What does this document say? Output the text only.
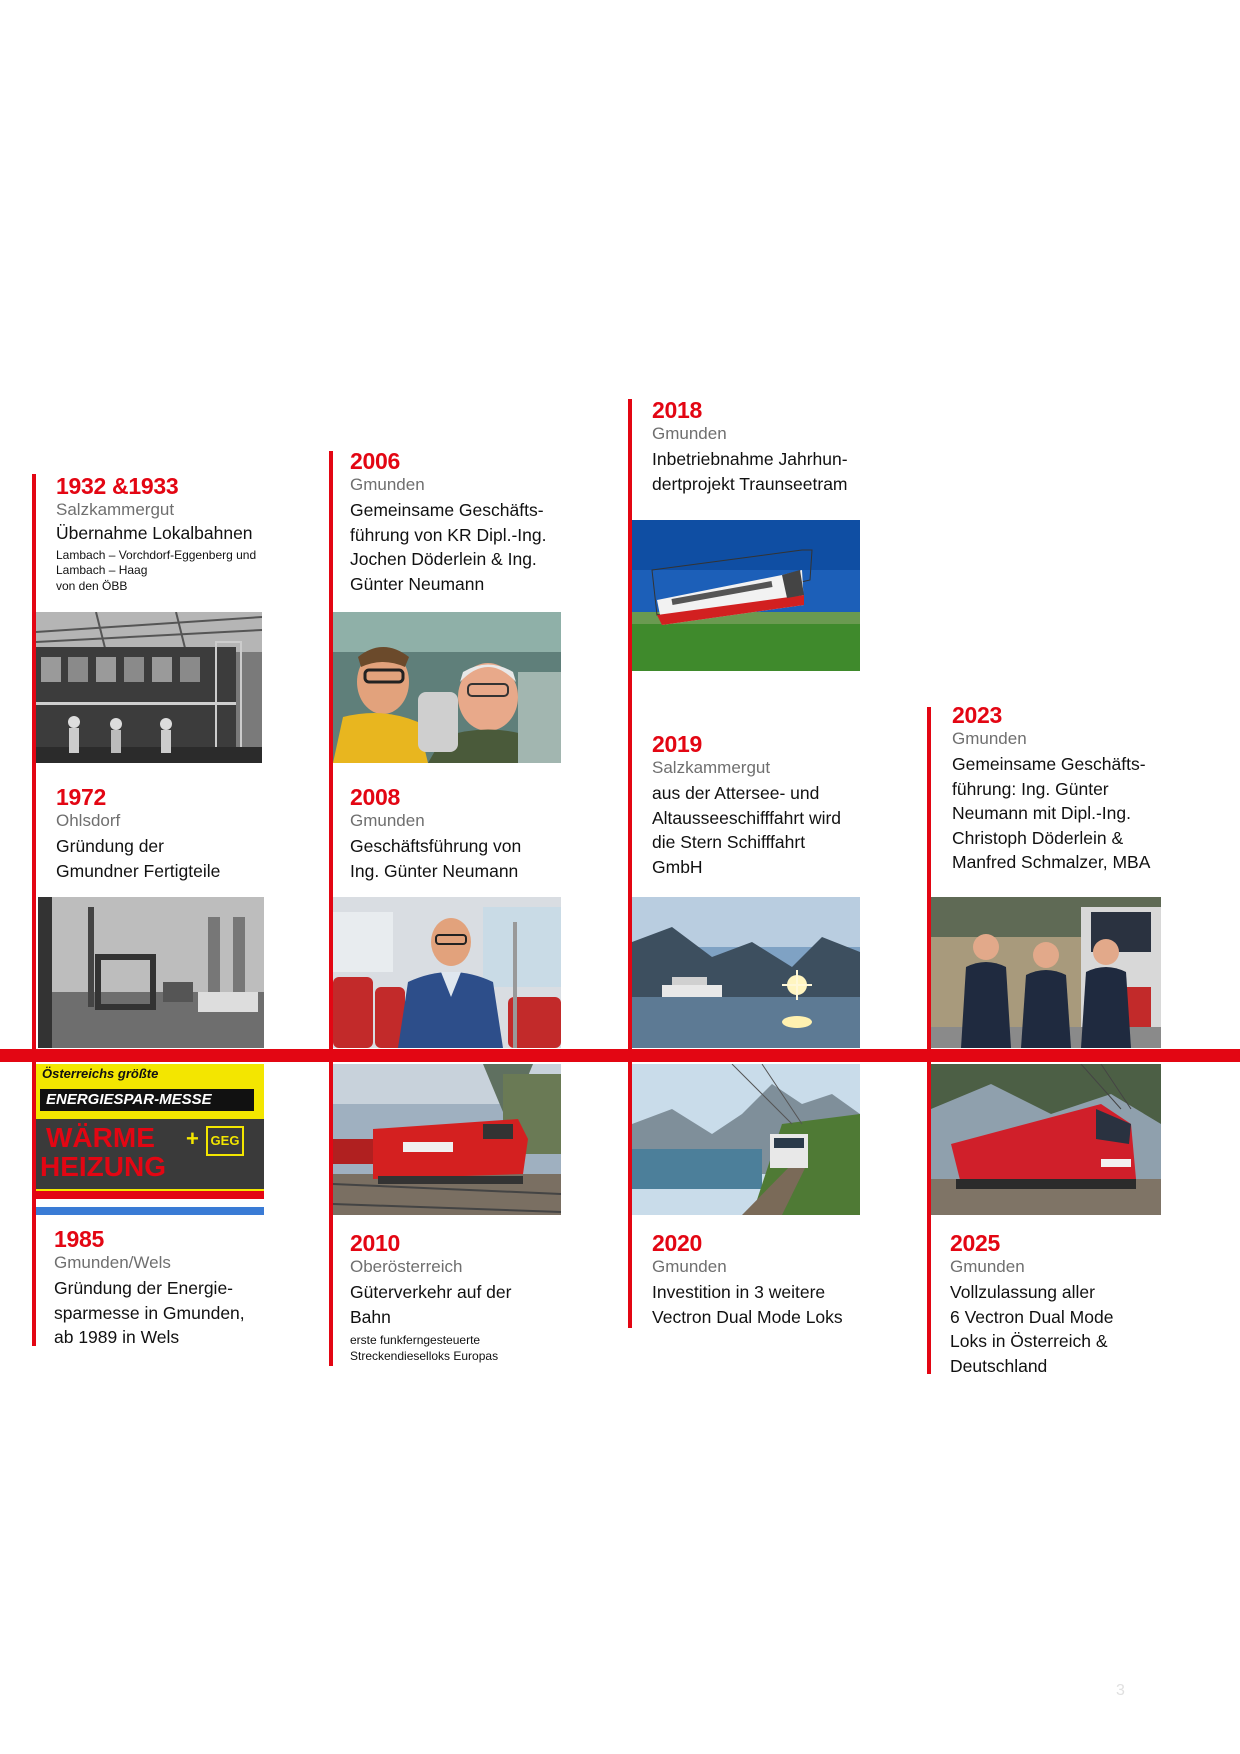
1932 &1933
Salzkammergut
Übernahme Lokalbahnen
Lambach – Vorchdorf-Eggenberg und
Lambach – Haag
von den ÖBB
1972
Ohlsdorf
Gründung der
Gmundner Fertigteile
Österreichs größte
ENERGIESPAR-MESSE
WÄRME
HEIZUNG
+ GEG
1985
Gmunden/Wels
Gründung der Energie-
sparmesse in Gmunden,
ab 1989 in Wels
2006
Gmunden
Gemeinsame Geschäfts-
führung von KR Dipl.-Ing.
Jochen Döderlein & Ing.
Günter Neumann
2008
Gmunden
Geschäftsführung von
Ing. Günter Neumann
2010
Oberösterreich
Güterverkehr auf der
Bahn
erste funkferngesteuerte
Streckendieselloks Europas
2018
Gmunden
Inbetriebnahme Jahrhun-
dertprojekt Traunseetram
2019
Salzkammergut
aus der Attersee- und
Altausseeschifffahrt wird
die Stern Schifffahrt
GmbH
2020
Gmunden
Investition in 3 weitere
Vectron Dual Mode Loks
2023
Gmunden
Gemeinsame Geschäfts-
führung: Ing. Günter
Neumann mit Dipl.-Ing.
Christoph Döderlein &
Manfred Schmalzer, MBA
2025
Gmunden
Vollzulassung aller
6 Vectron Dual Mode
Loks in Österreich &
Deutschland
3
